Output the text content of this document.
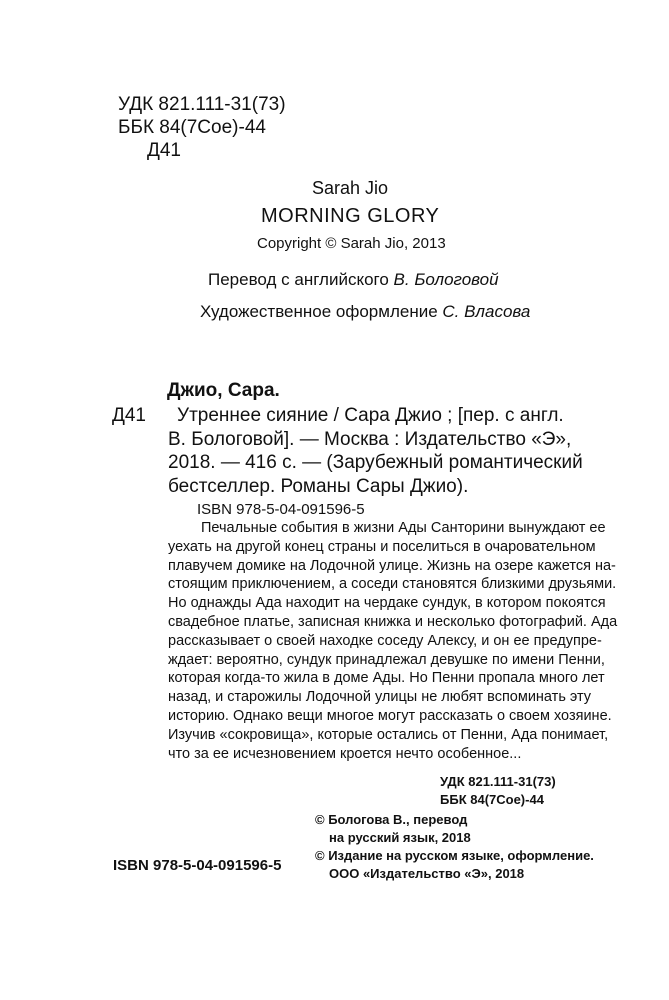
УДК 821.111-31(73)
ББК 84(7Сое)-44
Д41
Sarah Jio
MORNING GLORY
Copyright © Sarah Jio, 2013
Перевод с английского В. Бологовой
Художественное оформление С. Власова
Джио, Сара.
Д41	Утреннее сияние / Сара Джио ; [пер. с англ.
В. Бологовой]. — Москва : Издательство «Э»,
2018. — 416 с. — (Зарубежный романтический
бестселлер. Романы Сары Джио).
ISBN 978-5-04-091596-5
Печальные события в жизни Ады Санторини вынуждают ее
уехать на другой конец страны и поселиться в очаровательном
плавучем домике на Лодочной улице. Жизнь на озере кажется на-
стоящим приключением, а соседи становятся близкими друзьями.
Но однажды Ада находит на чердаке сундук, в котором покоятся
свадебное платье, записная книжка и несколько фотографий. Ада
рассказывает о своей находке соседу Алексу, и он ее предупре-
ждает: вероятно, сундук принадлежал девушке по имени Пенни,
которая когда-то жила в доме Ады. Но Пенни пропала много лет
назад, и старожилы Лодочной улицы не любят вспоминать эту
историю. Однако вещи многое могут рассказать о своем хозяине.
Изучив «сокровища», которые остались от Пенни, Ада понимает,
что за ее исчезновением кроется нечто особенное...
УДК 821.111-31(73)
ББК 84(7Сое)-44
© Бологова В., перевод
на русский язык, 2018
© Издание на русском языке, оформление.
ООО «Издательство «Э», 2018
ISBN 978-5-04-091596-5
